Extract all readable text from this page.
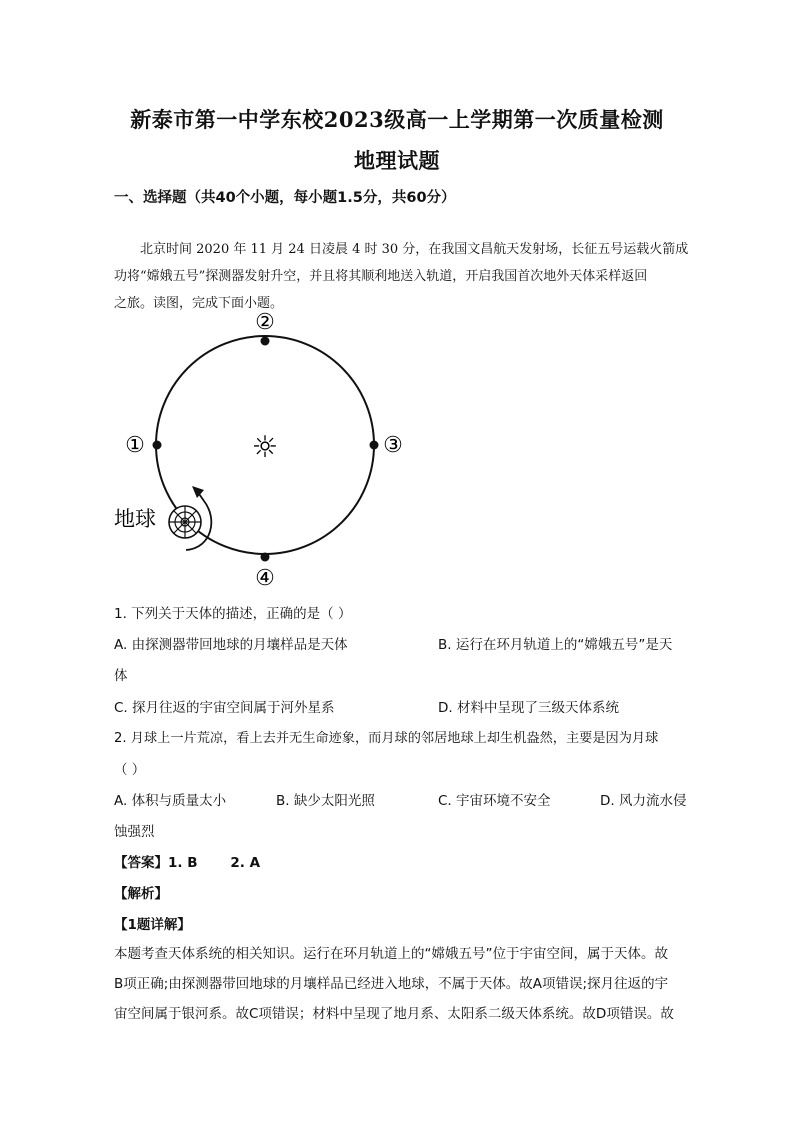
新泰市第一中学东校2023级高一上学期第一次质量检测
地理试题
一、选择题（共40个小题，每小题1.5分，共60分）

北京时间 2020 年 11 月 24 日凌晨 4 时 30 分，在我国文昌航天发射场，长征五号运载火箭成

功将“嫦娥五号”探测器发射升空，并且将其顺利地送入轨道，开启我国首次地外天体采样返回

之旅。读图，完成下面小题。

②
①	③
④
☼
地球
1. 下列关于天体的描述，正确的是（ ）
A. 由探测器带回地球的月壤样品是天体	B. 运行在环月轨道上的“嫦娥五号”是天
体
C. 探月往返的宇宙空间属于河外星系	D. 材料中呈现了三级天体系统
2. 月球上一片荒凉，看上去并无生命迹象，而月球的邻居地球上却生机盎然，主要是因为月球
（ ）
A. 体积与质量太小	B. 缺少太阳光照	C. 宇宙环境不安全	D. 风力流水侵
蚀强烈
【答案】1. B       2. A
【解析】
【1题详解】

本题考查天体系统的相关知识。运行在环月轨道上的“嫦娥五号”位于宇宙空间，属于天体。故

B项正确;由探测器带回地球的月壤样品已经进入地球，不属于天体。故A项错误;探月往返的宇

宙空间属于银河系。故C项错误；材料中呈现了地月系、太阳系二级天体系统。故D项错误。故
